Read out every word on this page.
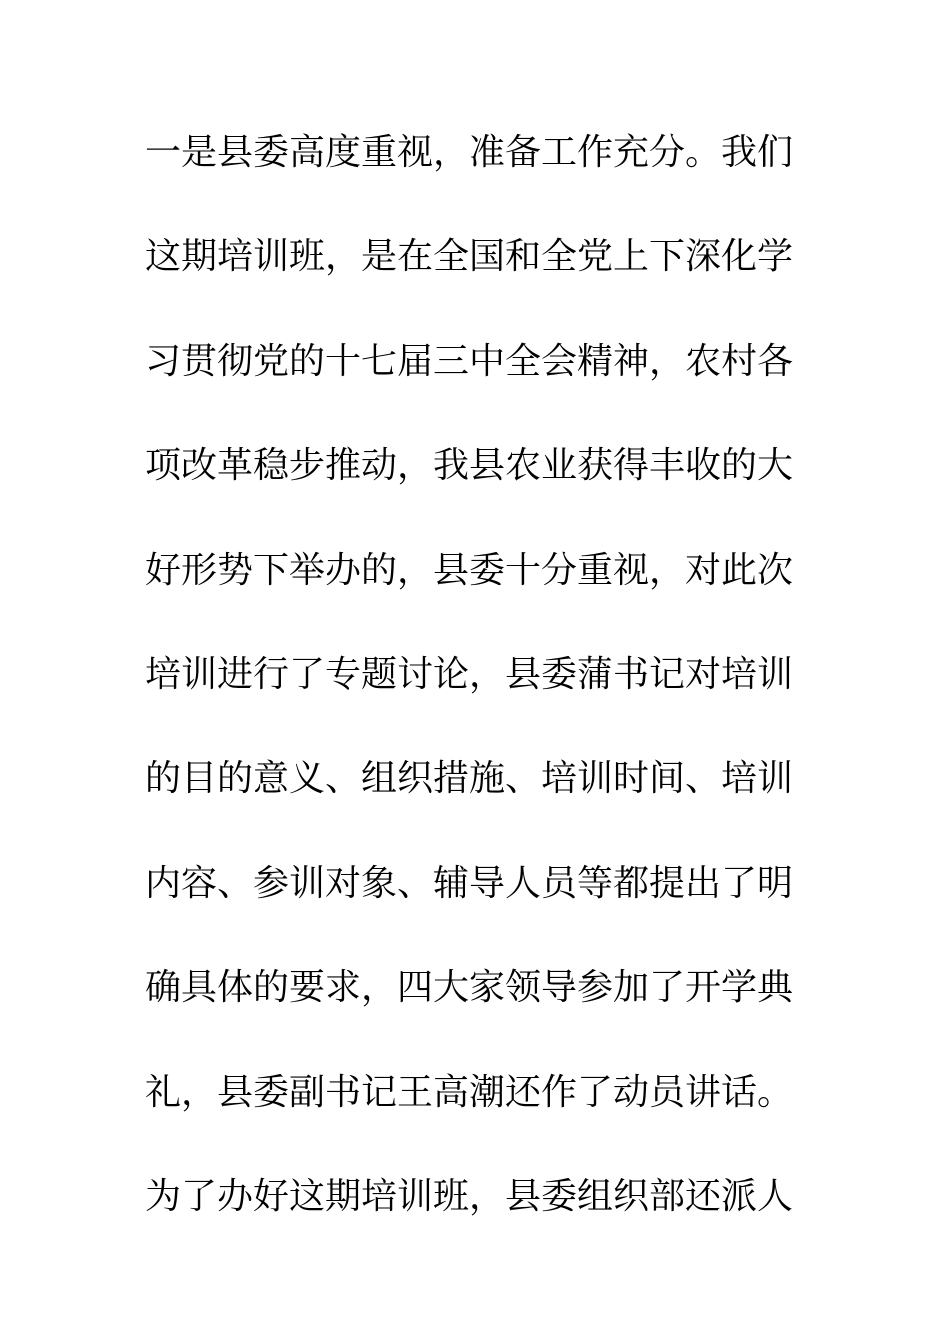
一是县委高度重视，准备工作充分。我们
这期培训班，是在全国和全党上下深化学
习贯彻党的十七届三中全会精神，农村各
项改革稳步推动，我县农业获得丰收的大
好形势下举办的，县委十分重视，对此次
培训进行了专题讨论，县委蒲书记对培训
的目的意义、组织措施、培训时间、培训
内容、参训对象、辅导人员等都提出了明
确具体的要求，四大家领导参加了开学典
礼，县委副书记王高潮还作了动员讲话。
为了办好这期培训班，县委组织部还派人
